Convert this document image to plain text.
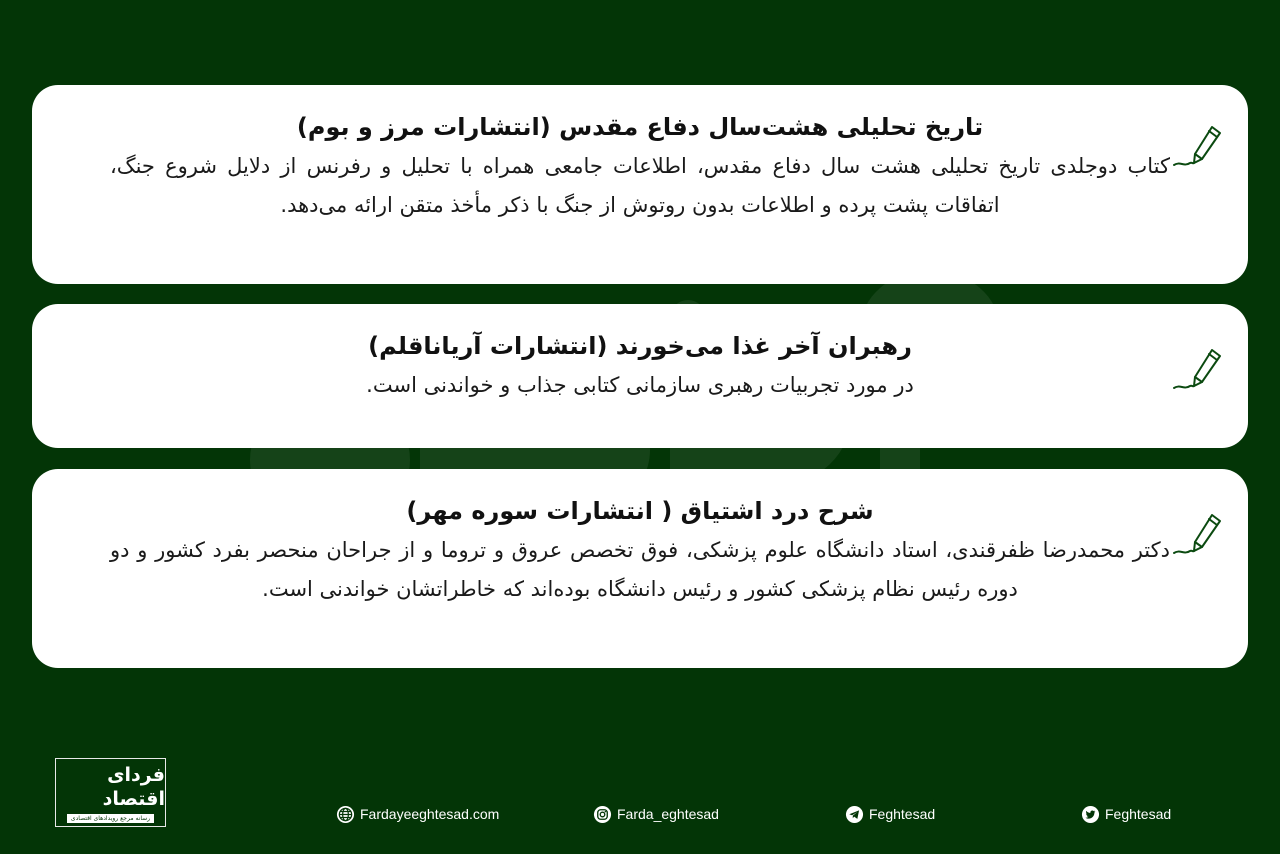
تاریخ تحلیلی هشت‌سال دفاع مقدس (انتشارات مرز و بوم)

کتاب دوجلدی تاریخ تحلیلی هشت سال دفاع مقدس، اطلاعات جامعی همراه با تحلیل و رفرنس از دلایل شروع جنگ، اتفاقات پشت پرده و اطلاعات بدون روتوش از جنگ با ذکر مأخذ متقن ارائه می‌دهد.

رهبران آخر غذا می‌خورند (انتشارات آریاناقلم)

در مورد تجربیات رهبری سازمانی کتابی جذاب و خواندنی است.

شرح درد اشتیاق ( انتشارات سوره مهر)

دکتر محمدرضا ظفرقندی، استاد دانشگاه علوم پزشکی، فوق تخصص عروق و تروما و از جراحان منحصر بفرد کشور و دو دوره رئیس نظام پزشکی کشور و رئیس دانشگاه بوده‌اند که خاطراتشان خواندنی است.

فردای اقتصاد
رسانه مرجع رویدادهای اقتصادی	Fardayeeghtesad.com	Farda_eghtesad	Feghtesad	Feghtesad
